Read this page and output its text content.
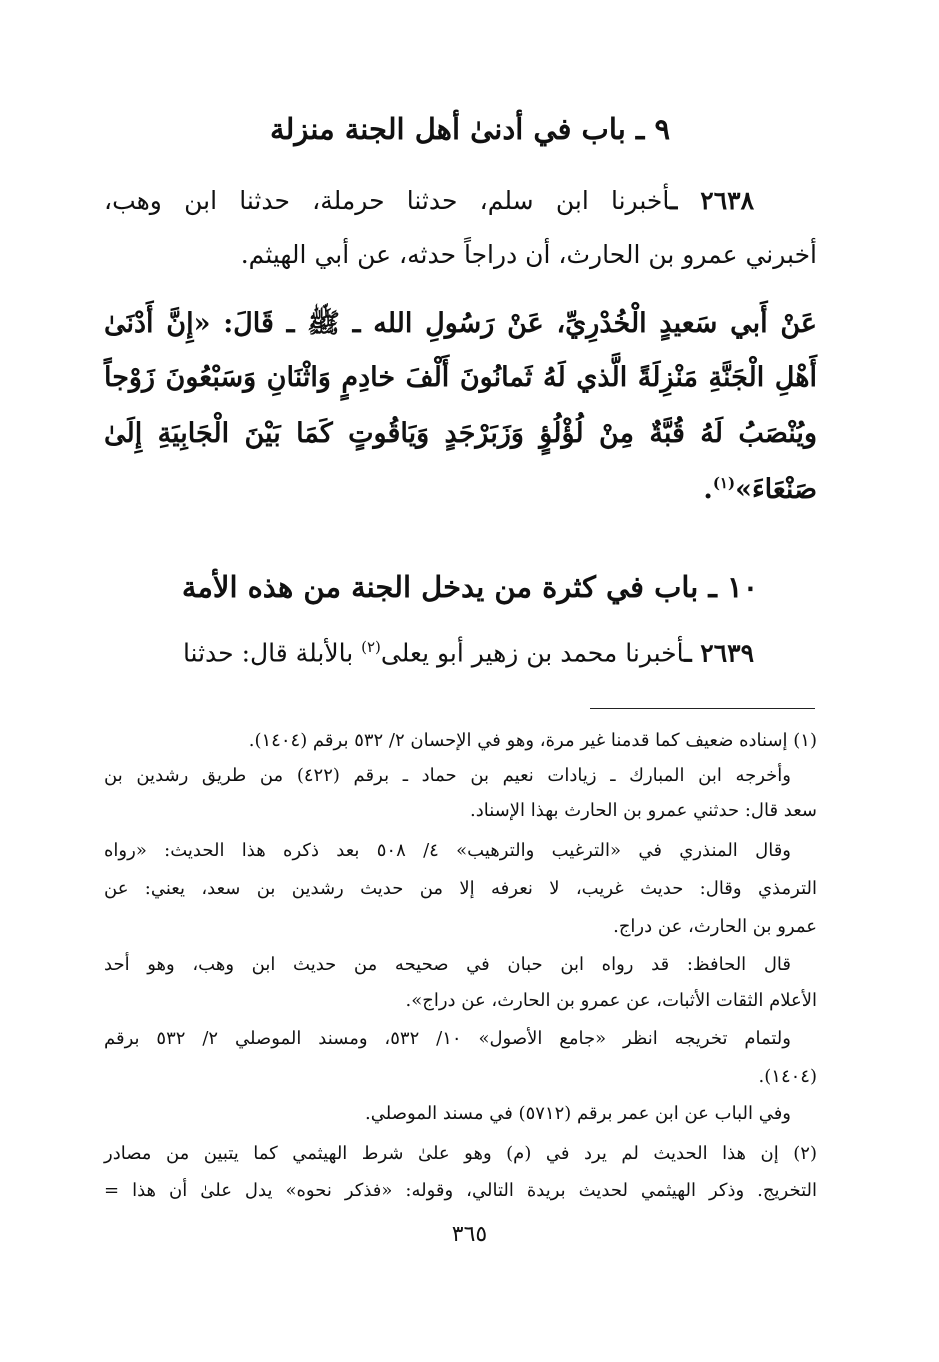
٩ ـ باب في أدنىٰ أهل الجنة منزلة
٢٦٣٨ ـأخبرنا ابن سلم، حدثنا حرملة، حدثنا ابن وهب،
أخبرني عمرو بن الحارث، أن دراجاً حدثه، عن أبي الهيثم.
عَنْ أَبي سَعيدٍ الْخُدْرِيِّ، عَنْ رَسُولِ الله ـ ﷺ ـ قَالَ: «إِنَّ أَدْنَىٰ
أَهْلِ الْجَنَّةِ مَنْزِلَةً الَّذي لَهُ ثَمانُونَ أَلْفَ خادِمٍ وَاثْنَانِ وَسَبْعُونَ زَوْجاً
ويُنْصَبُ لَهُ قُبَّةٌ مِنْ لُؤْلُؤٍ وَزَبَرْجَدٍ وَيَاقُوتٍ كَمَا بَيْنَ الْجَابِيَةِ إِلَىٰ
صَنْعَاءَ»$^{(١)}$.
١٠ ـ باب في كثرة من يدخل الجنة من هذه الأمة
٢٦٣٩ ـأخبرنا محمد بن زهير أبو يعلى$^{(٢)}$ بالأبلة قال: حدثنا
(١) إسناده ضعيف كما قدمنا غير مرة، وهو في الإحسان ٢/ ٥٣٢ برقم (١٤٠٤).
وأخرجه ابن المبارك ـ زيادات نعيم بن حماد ـ برقم (٤٢٢) من طريق رشدين بن
سعد قال: حدثني عمرو بن الحارث بهذا الإسناد.
وقال المنذري في «الترغيب والترهيب» ٤/ ٥٠٨ بعد ذكره هذا الحديث: «رواه
الترمذي وقال: حديث غريب، لا نعرفه إلا من حديث رشدين بن سعد، يعني: عن
عمرو بن الحارث، عن دراج.
قال الحافظ: قد رواه ابن حبان في صحيحه من حديث ابن وهب، وهو أحد
الأعلام الثقات الأثبات، عن عمرو بن الحارث، عن دراج».
ولتمام تخريجه انظر «جامع الأصول» ١٠/ ٥٣٢، ومسند الموصلي ٢/ ٥٣٢ برقم
(١٤٠٤).
وفي الباب عن ابن عمر برقم (٥٧١٢) في مسند الموصلي.
(٢) إن هذا الحديث لم يرد في (م) وهو علىٰ شرط الهيثمي كما يتبين من مصادر
التخريج. وذكر الهيثمي لحديث بريدة التالي، وقوله: «فذكر نحوه» يدل علىٰ أن هذا =
٣٦٥
